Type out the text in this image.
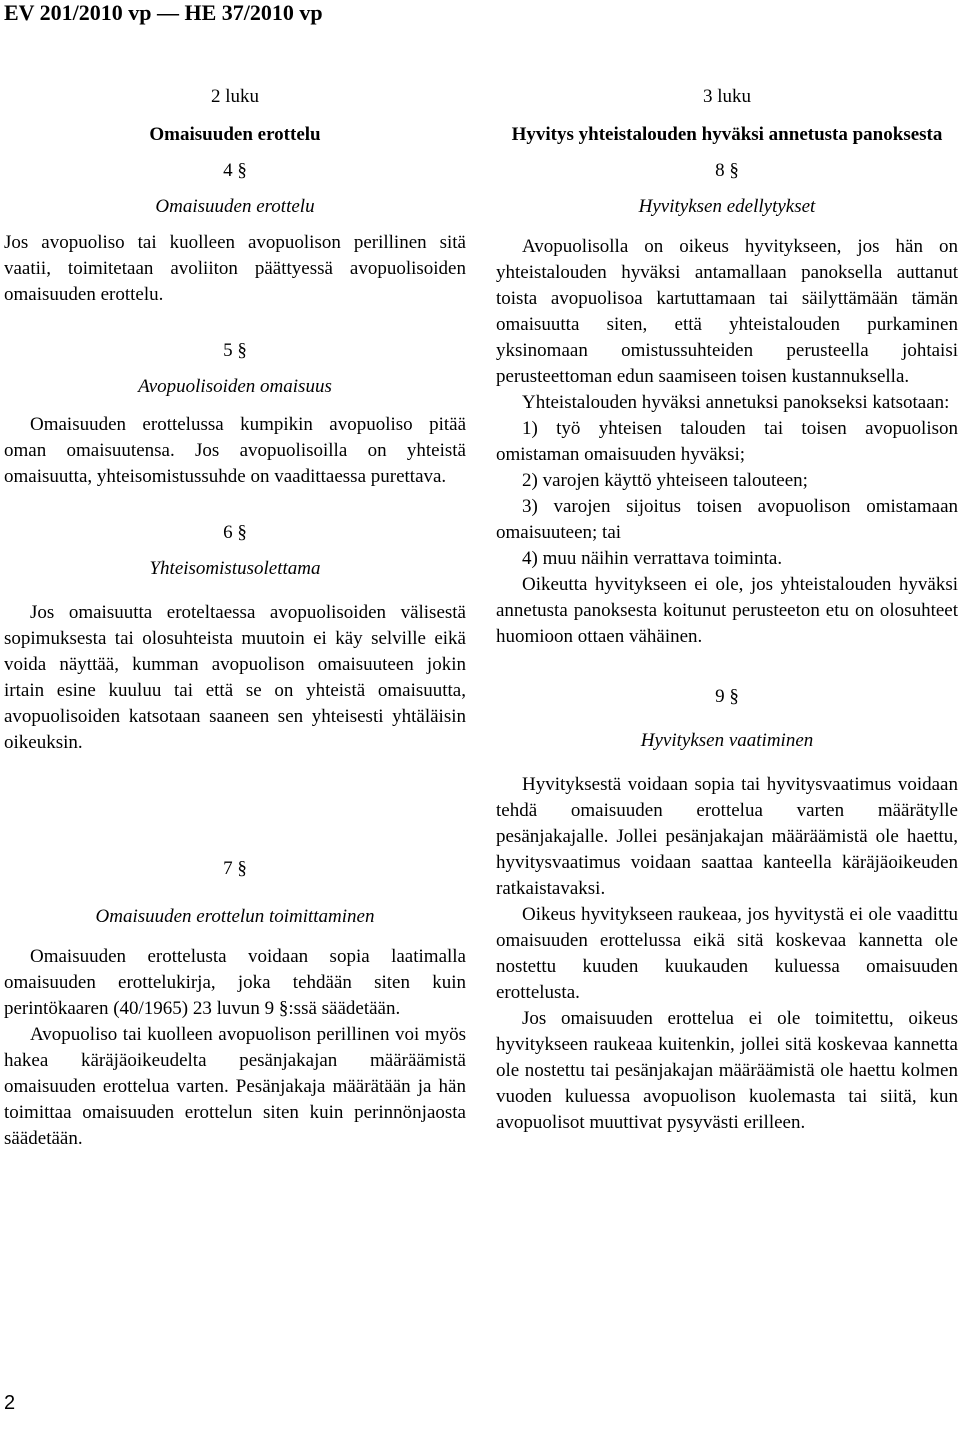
EV 201/2010 vp — HE 37/2010 vp
2 luku
Omaisuuden erottelu
4 §
Omaisuuden erottelu

Jos avopuoliso tai kuolleen avopuolison perillinen sitä vaatii, toimitetaan avoliiton päättyessä avopuolisoiden omaisuuden erottelu.

5 §
Avopuolisoiden omaisuus

Omaisuuden erottelussa kumpikin avopuoliso pitää oman omaisuutensa. Jos avopuolisoilla on yhteistä omaisuutta, yhteisomistussuhde on vaadittaessa purettava.

6 §
Yhteisomistusolettama

Jos omaisuutta eroteltaessa avopuolisoiden välisestä sopimuksesta tai olosuhteista muutoin ei käy selville eikä voida näyttää, kumman avopuolison omaisuuteen jokin irtain esine kuuluu tai että se on yhteistä omaisuutta, avopuolisoiden katsotaan saaneen sen yhteisesti yhtäläisin oikeuksin.

7 §
Omaisuuden erottelun toimittaminen

Omaisuuden erottelusta voidaan sopia laatimalla omaisuuden erottelukirja, joka tehdään siten kuin perintökaaren (40/1965) 23 luvun 9 §:ssä säädetään.

Avopuoliso tai kuolleen avopuolison perillinen voi myös hakea käräjäoikeudelta pesänjakajan määräämistä omaisuuden erottelua varten. Pesänjakaja määrätään ja hän toimittaa omaisuuden erottelun siten kuin perinnönjaosta säädetään.

3 luku
Hyvitys yhteistalouden hyväksi annetusta panoksesta
8 §
Hyvityksen edellytykset

Avopuolisolla on oikeus hyvitykseen, jos hän on yhteistalouden hyväksi antamallaan panoksella auttanut toista avopuolisoa kartuttamaan tai säilyttämään tämän omaisuutta siten, että yhteistalouden purkaminen yksinomaan omistussuhteiden perusteella johtaisi perusteettoman edun saamiseen toisen kustannuksella.

Yhteistalouden hyväksi annetuksi panokseksi katsotaan:

1) työ yhteisen talouden tai toisen avopuolison omistaman omaisuuden hyväksi;

2) varojen käyttö yhteiseen talouteen;

3) varojen sijoitus toisen avopuolison omistamaan omaisuuteen; tai

4) muu näihin verrattava toiminta.

Oikeutta hyvitykseen ei ole, jos yhteistalouden hyväksi annetusta panoksesta koitunut perusteeton etu on olosuhteet huomioon ottaen vähäinen.

9 §
Hyvityksen vaatiminen

Hyvityksestä voidaan sopia tai hyvitysvaatimus voidaan tehdä omaisuuden erottelua varten määrätylle pesänjakajalle. Jollei pesänjakajan määräämistä ole haettu, hyvitysvaatimus voidaan saattaa kanteella käräjäoikeuden ratkaistavaksi.

Oikeus hyvitykseen raukeaa, jos hyvitystä ei ole vaadittu omaisuuden erottelussa eikä sitä koskevaa kannetta ole nostettu kuuden kuukauden kuluessa omaisuuden erottelusta.

Jos omaisuuden erottelua ei ole toimitettu, oikeus hyvitykseen raukeaa kuitenkin, jollei sitä koskevaa kannetta ole nostettu tai pesänjakajan määräämistä ole haettu kolmen vuoden kuluessa avopuolison kuolemasta tai siitä, kun avopuolisot muuttivat pysyvästi erilleen.

2
